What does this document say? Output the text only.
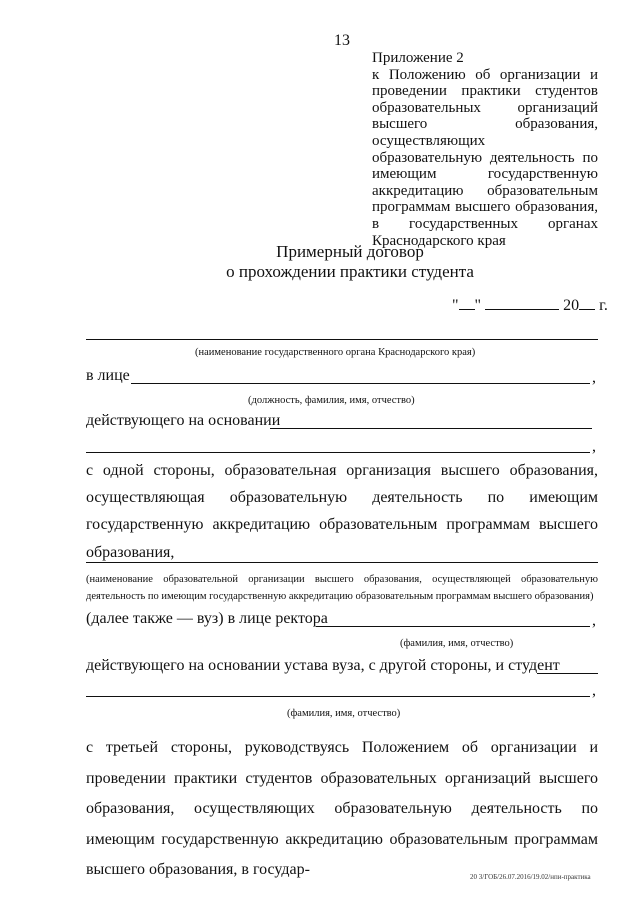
13

Приложение 2

к Положению об организации и проведении практики студентов образовательных организаций высшего образования, осуществляющих образовательную деятельность по имеющим государственную аккредитацию образовательным программам высшего образования, в государственных органах Краснодарского края

Примерный договор
о прохождении практики студента
" "	20 г.
(наименование государственного органа Краснодарского края)
в лице	,
(должность, фамилия, имя, отчество)
действующего на основании
,
с одной стороны, образовательная организация высшего образования, осуществляющая образовательную деятельность по имеющим государственную аккредитацию образовательным программам высшего образования,
(наименование образовательной организации высшего образования, осуществляющей образовательную деятельность по имеющим государственную аккредитацию образовательным программам высшего образования)
(далее также — вуз) в лице ректора	,
(фамилия, имя, отчество)
действующего на основании устава вуза, с другой стороны, и студент
,
(фамилия, имя, отчество)
с третьей стороны, руководствуясь Положением об организации и проведении практики студентов образовательных организаций высшего образования, осуществляющих образовательную деятельность по имеющим государственную аккредитацию образовательным программам высшего образования, в государ-	20 3/ГОБ/26.07.2016/19.02/нпи-практика
